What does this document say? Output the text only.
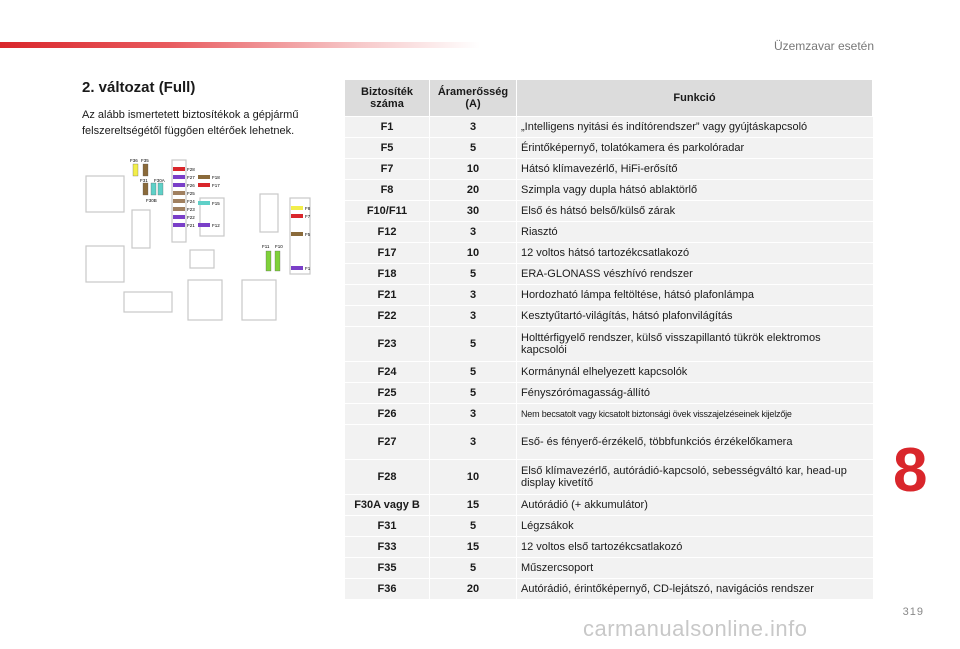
Üzemzavar esetén
2. változat (Full)

Az alább ismertetett biztosítékok a gépjármű felszereltségétől függően eltérőek lehetnek.

F36 F35
F31 F30A
F30B
F28
F27
F26
F25
F24
F23
F22
F21
F18
F17
F15
F12
F8
F7
F5
F1
F11 F10
Biztosíték száma	Áramerősség (A)	Funkció
F1	3	„Intelligens nyitási és indítórendszer” vagy gyújtáskapcsoló
F5	5	Érintőképernyő, tolatókamera és parkolóradar
F7	10	Hátsó klímavezérlő, HiFi-erősítő
F8	20	Szimpla vagy dupla hátsó ablaktörlő
F10/F11	30	Első és hátsó belső/külső zárak
F12	3	Riasztó
F17	10	12 voltos hátsó tartozékcsatlakozó
F18	5	ERA-GLONASS vészhívó rendszer
F21	3	Hordozható lámpa feltöltése, hátsó plafonlámpa
F22	3	Kesztyűtartó-világítás, hátsó plafonvilágítás
F23	5	Holttérfigyelő rendszer, külső visszapillantó tükrök elektromos kapcsolói
F24	5	Kormánynál elhelyezett kapcsolók
F25	5	Fényszórómagasság-állító
F26	3	Nem becsatolt vagy kicsatolt biztonsági övek visszajelzéseinek kijelzője
F27	3	Eső- és fényerő-érzékelő, többfunkciós érzékelőkamera
F28	10	Első klímavezérlő, autórádió-kapcsoló, sebességváltó kar, head-up display kivetítő
F30A vagy B	15	Autórádió (+ akkumulátor)
F31	5	Légzsákok
F33	15	12 voltos első tartozékcsatlakozó
F35	5	Műszercsoport
F36	20	Autórádió, érintőképernyő, CD-lejátszó, navigációs rendszer
8
319
carmanualsonline.info
